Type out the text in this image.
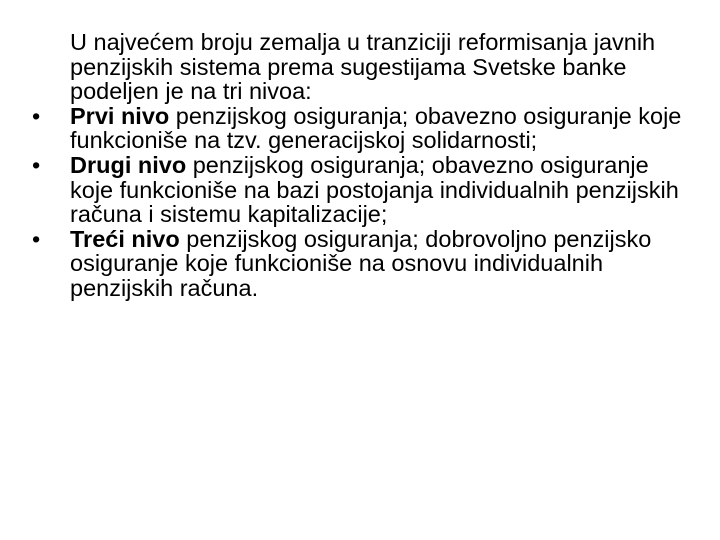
U najvećem broju zemalja u tranziciji reformisanja javnih penzijskih sistema prema sugestijama Svetske banke podeljen je na tri nivoa:

• Prvi nivo penzijskog osiguranja; obavezno osiguranje koje funkcioniše na tzv. generacijskoj solidarnosti;
• Drugi nivo penzijskog osiguranja; obavezno osiguranje koje funkcioniše na bazi postojanja individualnih penzijskih računa i sistemu kapitalizacije;
• Treći nivo penzijskog osiguranja; dobrovoljno penzijsko osiguranje koje funkcioniše na osnovu individualnih penzijskih računa.
